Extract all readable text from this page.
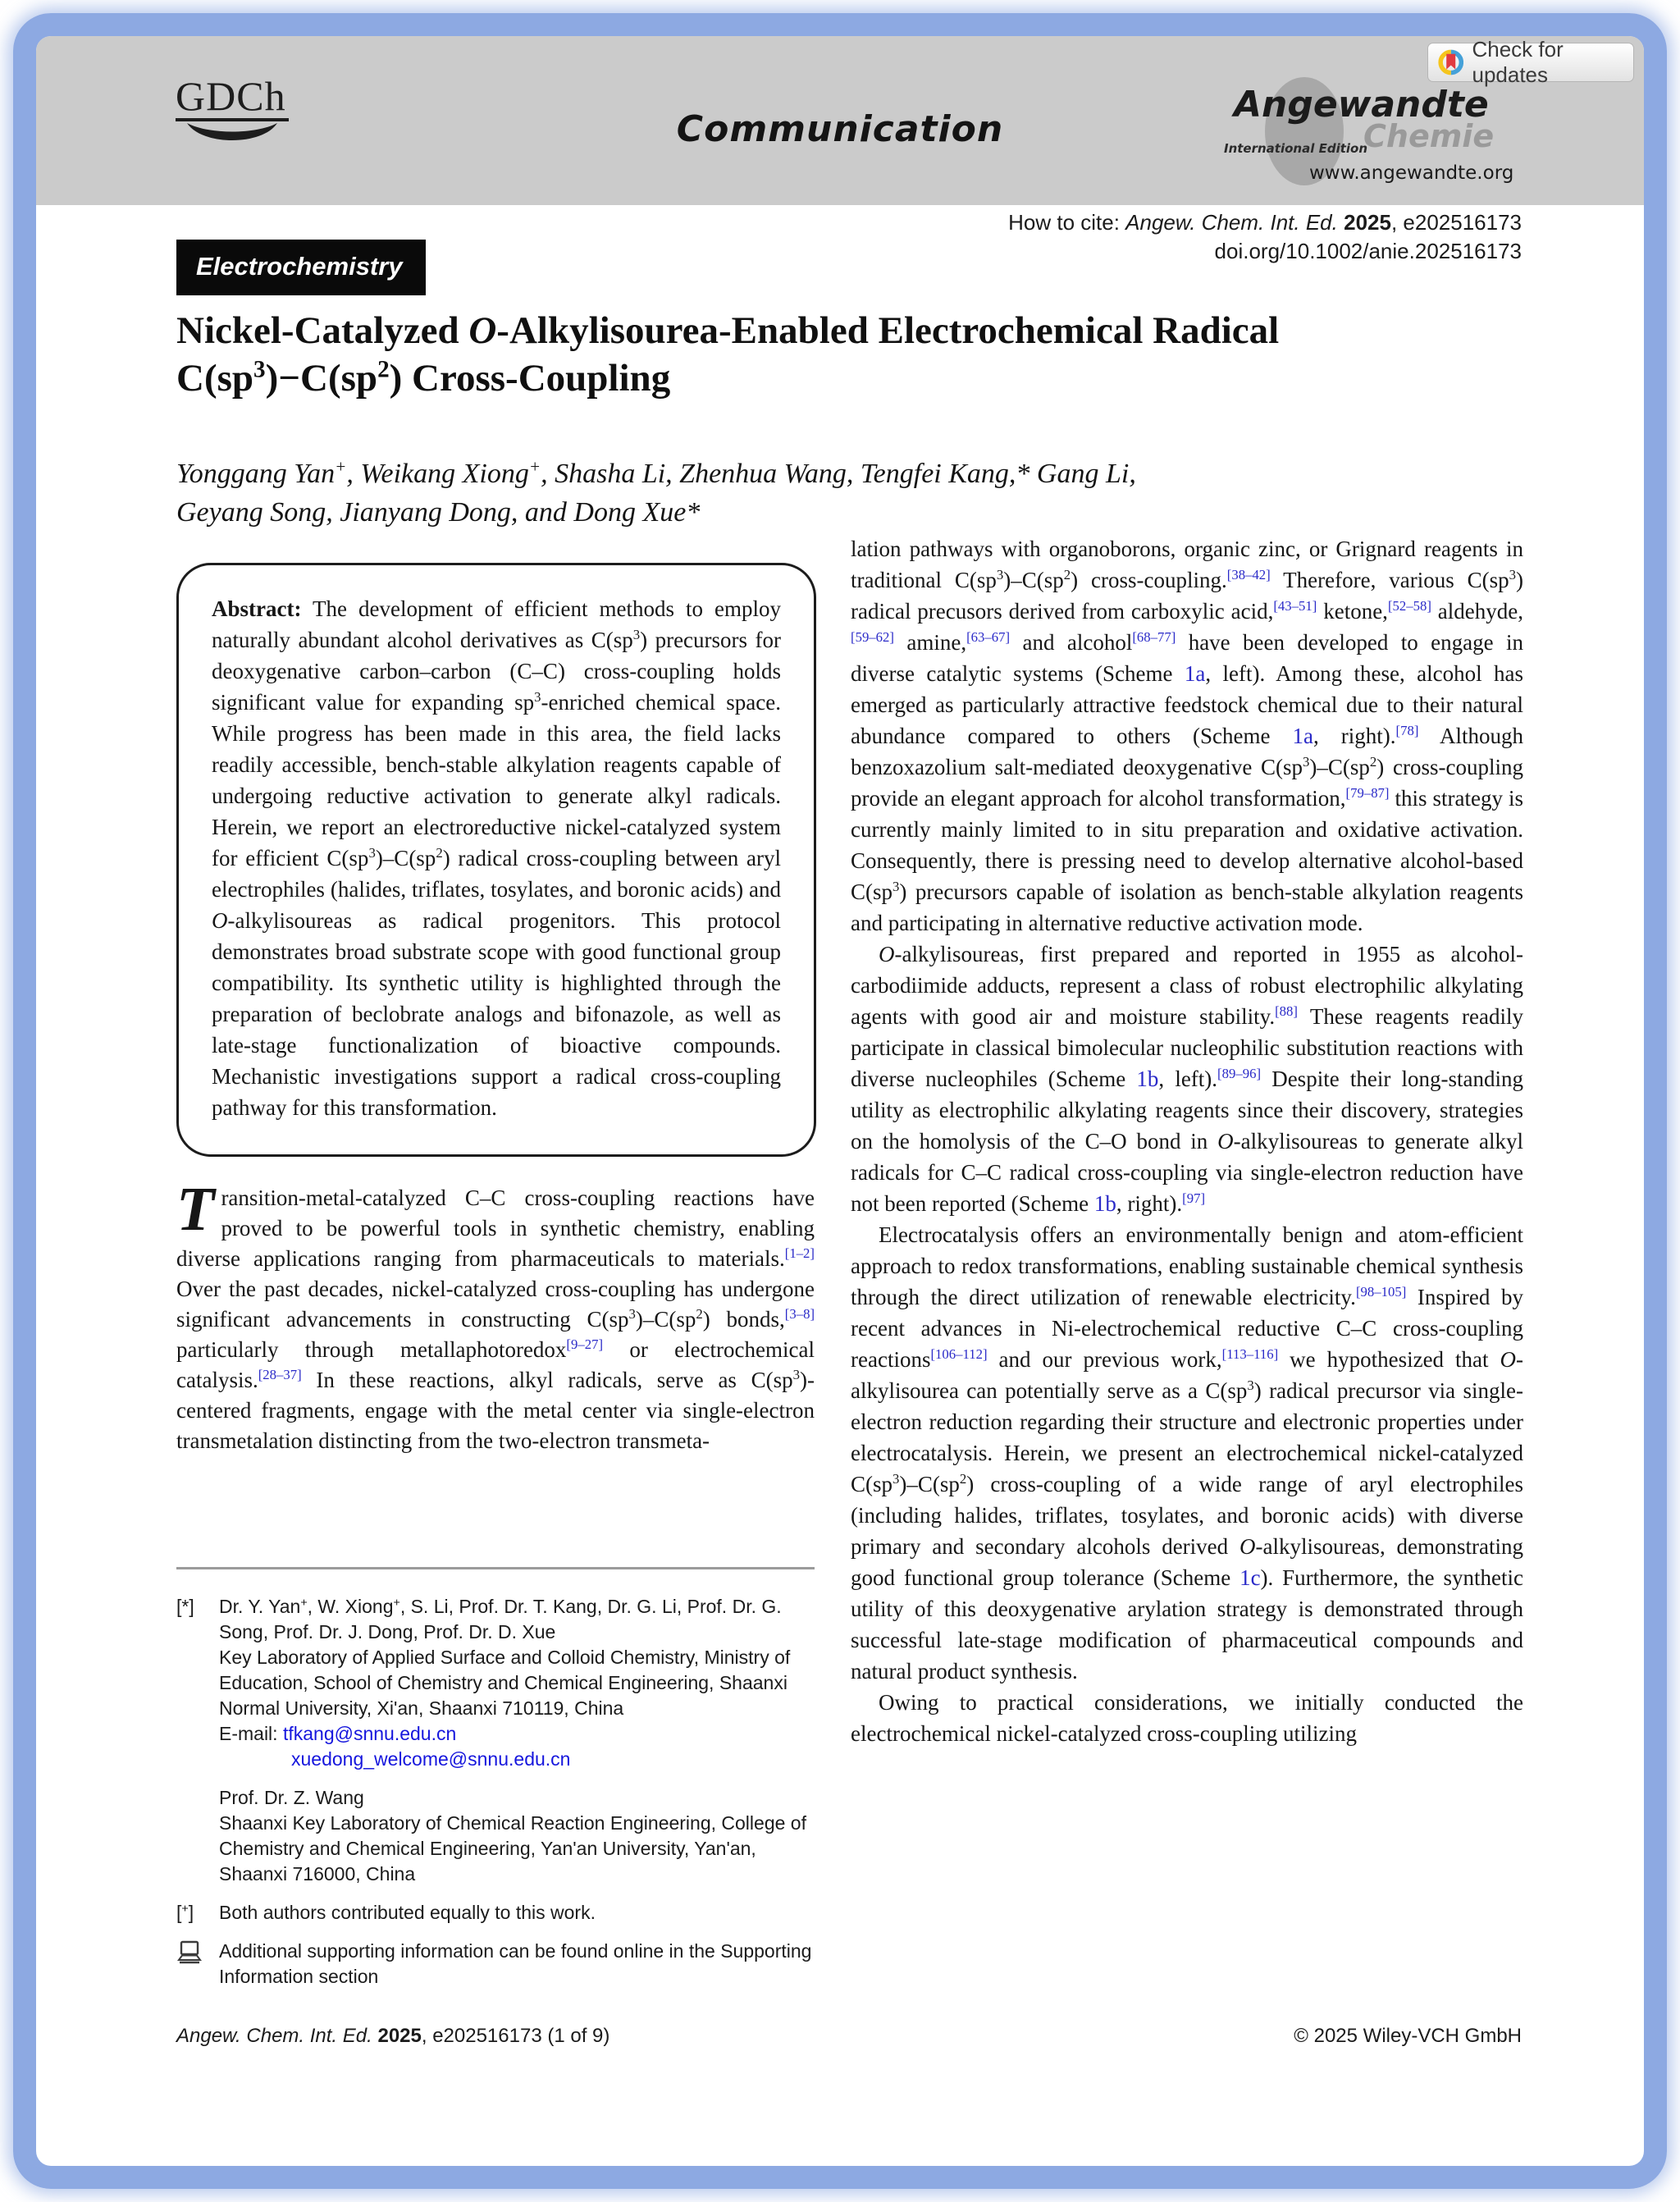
GDCh
Communication
Angewandte
International Edition
Chemie
www.angewandte.org
Check for updates
How to cite: Angew. Chem. Int. Ed. 2025, e202516173
doi.org/10.1002/anie.202516173
Electrochemistry
Nickel-Catalyzed O-Alkylisourea-Enabled Electrochemical Radical
$C(sp^3)-C(sp^2)$ Cross-Coupling
Yonggang Yan+, Weikang Xiong+, Shasha Li, Zhenhua Wang, Tengfei Kang,* Gang Li,
Geyang Song, Jianyang Dong, and Dong Xue*
Abstract: The development of efficient methods to employ naturally abundant alcohol derivatives as $C(sp^3)$ precursors for deoxygenative carbon–carbon (C–C) cross-coupling holds significant value for expanding $sp^3$-enriched chemical space. While progress has been made in this area, the field lacks readily accessible, bench-stable alkylation reagents capable of undergoing reductive activation to generate alkyl radicals. Herein, we report an electroreductive nickel-catalyzed system for efficient $C(sp^3)-C(sp^2)$ radical cross-coupling between aryl electrophiles (halides, triflates, tosylates, and boronic acids) and O-alkylisoureas as radical progenitors. This protocol demonstrates broad substrate scope with good functional group compatibility. Its synthetic utility is highlighted through the preparation of beclobrate analogs and bifonazole, as well as late-stage functionalization of bioactive compounds. Mechanistic investigations support a radical cross-coupling pathway for this transformation.
Transition-metal-catalyzed C–C cross-coupling reactions have proved to be powerful tools in synthetic chemistry, enabling diverse applications ranging from pharmaceuticals to materials.[1–2] Over the past decades, nickel-catalyzed cross-coupling has undergone significant advancements in constructing $C(sp^3)-C(sp^2)$ bonds,[3–8] particularly through metallaphotoredox[9–27] or electrochemical catalysis.[28–37] In these reactions, alkyl radicals, serve as $C(sp^3)$-centered fragments, engage with the metal center via single-electron transmetalation distincting from the two-electron transmeta-

lation pathways with organoborons, organic zinc, or Grignard reagents in traditional $C(sp^3)-C(sp^2)$ cross-coupling.[38–42] Therefore, various $C(sp^3)$ radical precusors derived from carboxylic acid,[43–51] ketone,[52–58] aldehyde,[59–62] amine,[63–67] and alcohol[68–77] have been developed to engage in diverse catalytic systems (Scheme 1a, left). Among these, alcohol has emerged as particularly attractive feedstock chemical due to their natural abundance compared to others (Scheme 1a, right).[78] Although benzoxazolium salt-mediated deoxygenative $C(sp^3)-C(sp^2)$ cross-coupling provide an elegant approach for alcohol transformation,[79–87] this strategy is currently mainly limited to in situ preparation and oxidative activation. Consequently, there is pressing need to develop alternative alcohol-based $C(sp^3)$ precursors capable of isolation as bench-stable alkylation reagents and participating in alternative reductive activation mode.

O-alkylisoureas, first prepared and reported in 1955 as alcohol-carbodiimide adducts, represent a class of robust electrophilic alkylating agents with good air and moisture stability.[88] These reagents readily participate in classical bimolecular nucleophilic substitution reactions with diverse nucleophiles (Scheme 1b, left).[89–96] Despite their long-standing utility as electrophilic alkylating reagents since their discovery, strategies on the homolysis of the C–O bond in O-alkylisoureas to generate alkyl radicals for C–C radical cross-coupling via single-electron reduction have not been reported (Scheme 1b, right).[97]

Electrocatalysis offers an environmentally benign and atom-efficient approach to redox transformations, enabling sustainable chemical synthesis through the direct utilization of renewable electricity.[98–105] Inspired by recent advances in Ni-electrochemical reductive C–C cross-coupling reactions[106–112] and our previous work,[113–116] we hypothesized that O-alkylisourea can potentially serve as a $C(sp^3)$ radical precursor via single-electron reduction regarding their structure and electronic properties under electrocatalysis. Herein, we present an electrochemical nickel-catalyzed $C(sp^3)-C(sp^2)$ cross-coupling of a wide range of aryl electrophiles (including halides, triflates, tosylates, and boronic acids) with diverse primary and secondary alcohols derived O-alkylisoureas, demonstrating good functional group tolerance (Scheme 1c). Furthermore, the synthetic utility of this deoxygenative arylation strategy is demonstrated through successful late-stage modification of pharmaceutical compounds and natural product synthesis.

Owing to practical considerations, we initially conducted the electrochemical nickel-catalyzed cross-coupling utilizing

[*]	Dr. Y. Yan+, W. Xiong+, S. Li, Prof. Dr. T. Kang, Dr. G. Li, Prof. Dr. G. Song, Prof. Dr. J. Dong, Prof. Dr. D. Xue
Key Laboratory of Applied Surface and Colloid Chemistry, Ministry of Education, School of Chemistry and Chemical Engineering, Shaanxi Normal University, Xi'an, Shaanxi 710119, China
E-mail: tfkang@snnu.edu.cn
xuedong_welcome@snnu.edu.cn
Prof. Dr. Z. Wang
Shaanxi Key Laboratory of Chemical Reaction Engineering, College of Chemistry and Chemical Engineering, Yan'an University, Yan'an, Shaanxi 716000, China
[+]	Both authors contributed equally to this work.
Additional supporting information can be found online in the Supporting Information section
Angew. Chem. Int. Ed. 2025, e202516173 (1 of 9)	© 2025 Wiley-VCH GmbH
